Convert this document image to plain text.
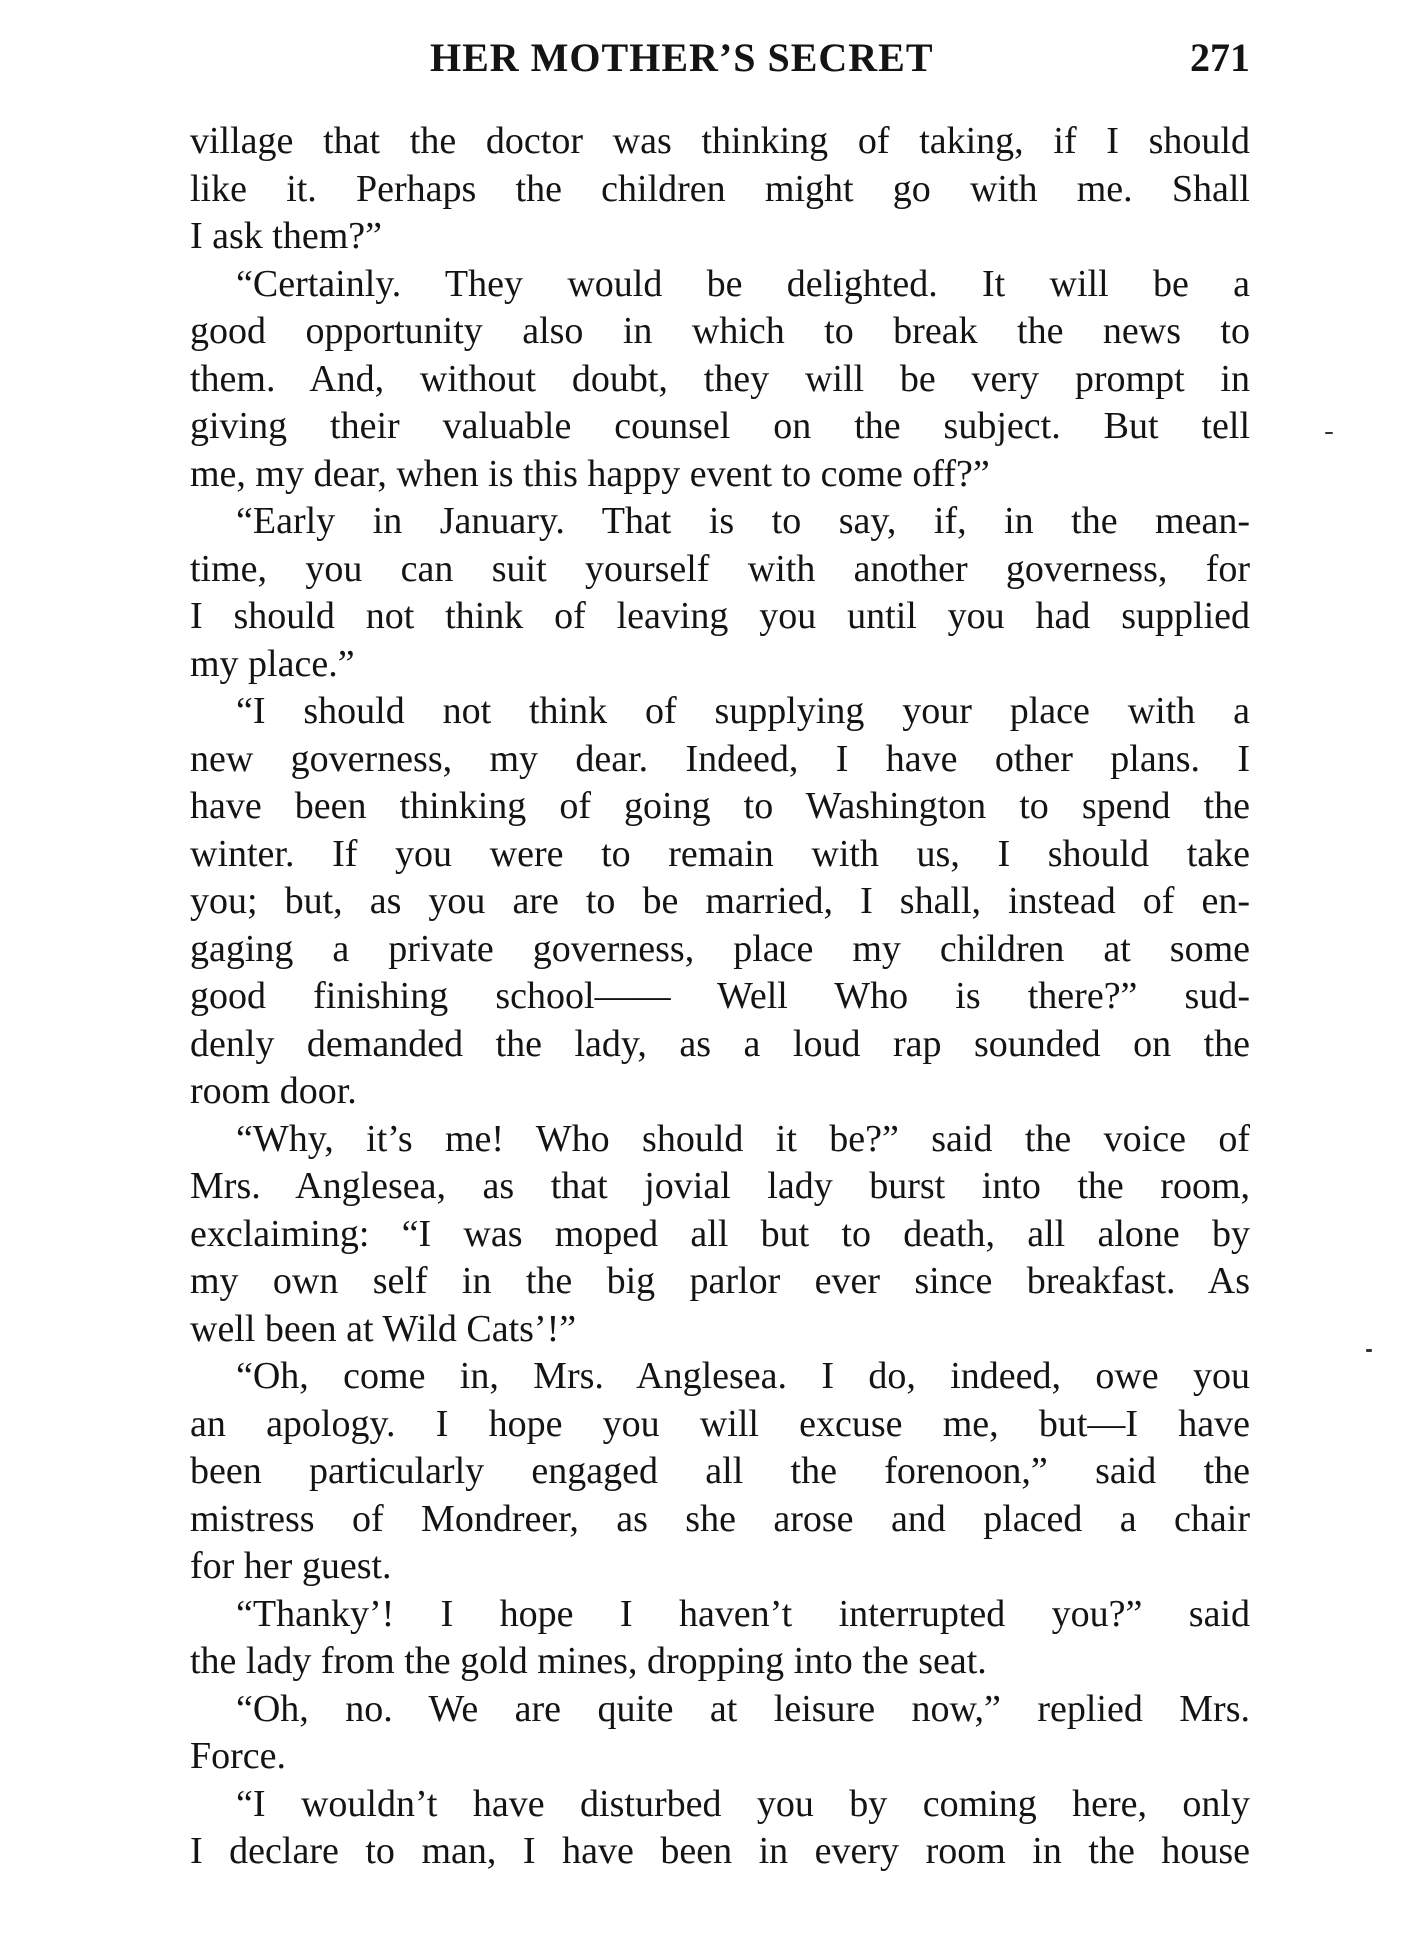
HER MOTHER’S SECRET	271
village that the doctor was thinking of taking, if I should
like it. Perhaps the children might go with me. Shall
I ask them?”
“Certainly. They would be delighted. It will be a
good opportunity also in which to break the news to
them. And, without doubt, they will be very prompt in
giving their valuable counsel on the subject. But tell
me, my dear, when is this happy event to come off?”
“Early in January. That is to say, if, in the mean-
time, you can suit yourself with another governess, for
I should not think of leaving you until you had supplied
my place.”
“I should not think of supplying your place with a
new governess, my dear. Indeed, I have other plans. I
have been thinking of going to Washington to spend the
winter. If you were to remain with us, I should take
you; but, as you are to be married, I shall, instead of en-
gaging a private governess, place my children at some
good finishing school—— Well Who is there?” sud-
denly demanded the lady, as a loud rap sounded on the
room door.
“Why, it’s me! Who should it be?” said the voice of
Mrs. Anglesea, as that jovial lady burst into the room,
exclaiming: “I was moped all but to death, all alone by
my own self in the big parlor ever since breakfast. As
well been at Wild Cats’!”
“Oh, come in, Mrs. Anglesea. I do, indeed, owe you
an apology. I hope you will excuse me, but—I have
been particularly engaged all the forenoon,” said the
mistress of Mondreer, as she arose and placed a chair
for her guest.
“Thanky’! I hope I haven’t interrupted you?” said
the lady from the gold mines, dropping into the seat.
“Oh, no. We are quite at leisure now,” replied Mrs.
Force.
“I wouldn’t have disturbed you by coming here, only
I declare to man, I have been in every room in the house
